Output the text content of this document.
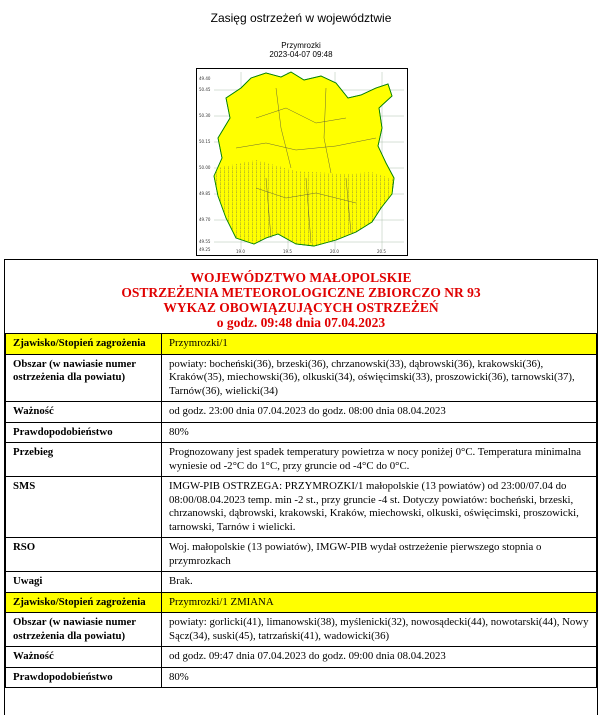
Zasięg ostrzeżeń w województwie
Przymrozki
2023-04-07 09:48
50.45
50.30
50.15
50.00
49.85
49.70
49.55
49.40
49.25	19.0	19.5	20.0	20.5
WOJEWÓDZTWO MAŁOPOLSKIE
OSTRZEŻENIA METEOROLOGICZNE ZBIORCZO NR 93
WYKAZ OBOWIĄZUJĄCYCH OSTRZEŻEŃ
o godz. 09:48 dnia 07.04.2023
Zjawisko/Stopień zagrożenia	Przymrozki/1
Obszar (w nawiasie numer ostrzeżenia dla powiatu)	powiaty: bocheński(36), brzeski(36), chrzanowski(33), dąbrowski(36), krakowski(36), Kraków(35), miechowski(36), olkuski(34), oświęcimski(33), proszowicki(36), tarnowski(37), Tarnów(36), wielicki(34)
Ważność	od godz. 23:00 dnia 07.04.2023 do godz. 08:00 dnia 08.04.2023
Prawdopodobieństwo	80%
Przebieg	Prognozowany jest spadek temperatury powietrza w nocy poniżej 0°C. Temperatura minimalna wyniesie od -2°C do 1°C, przy gruncie od -4°C do 0°C.
SMS	IMGW-PIB OSTRZEGA: PRZYMROZKI/1 małopolskie (13 powiatów) od 23:00/07.04 do 08:00/08.04.2023 temp. min -2 st., przy gruncie -4 st. Dotyczy powiatów: bocheński, brzeski, chrzanowski, dąbrowski, krakowski, Kraków, miechowski, olkuski, oświęcimski, proszowicki, tarnowski, Tarnów i wielicki.
RSO	Woj. małopolskie (13 powiatów), IMGW-PIB wydał ostrzeżenie pierwszego stopnia o przymrozkach
Uwagi	Brak.
Zjawisko/Stopień zagrożenia	Przymrozki/1 ZMIANA
Obszar (w nawiasie numer ostrzeżenia dla powiatu)	powiaty: gorlicki(41), limanowski(38), myślenicki(32), nowosądecki(44), nowotarski(44), Nowy Sącz(34), suski(45), tatrzański(41), wadowicki(36)
Ważność	od godz. 09:47 dnia 07.04.2023 do godz. 09:00 dnia 08.04.2023
Prawdopodobieństwo	80%
